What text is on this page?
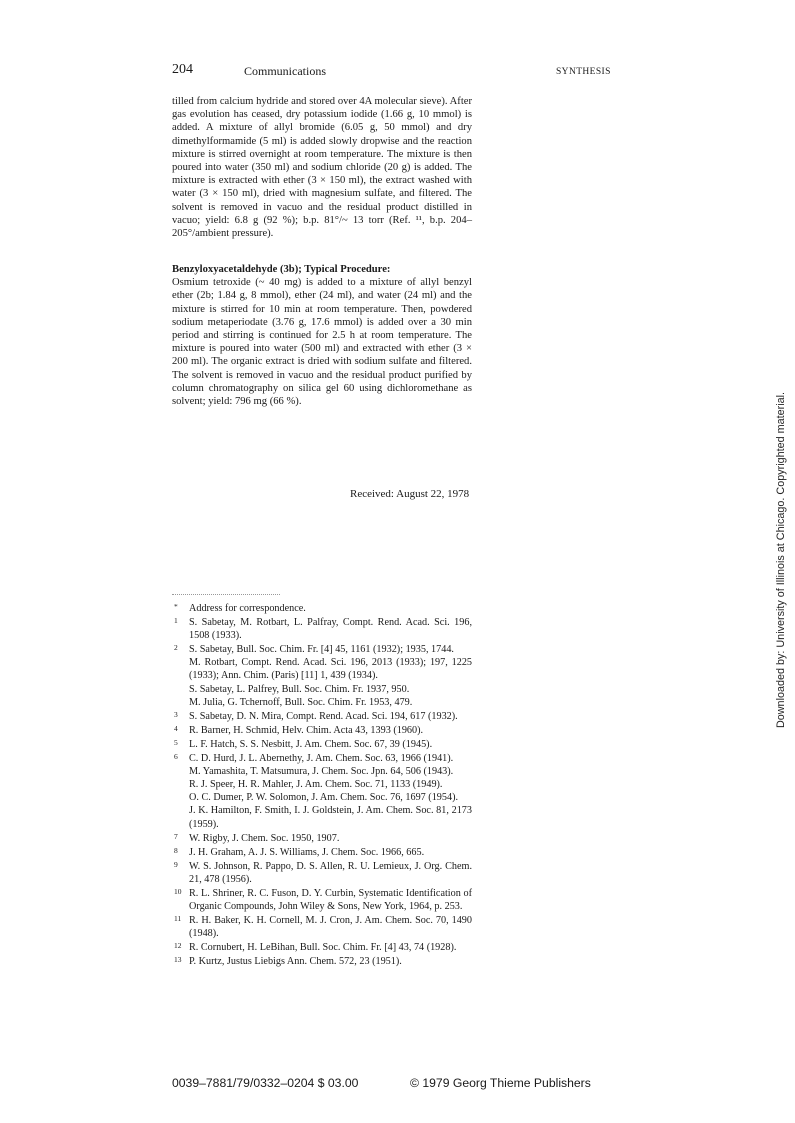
204	Communications	SYNTHESIS

tilled from calcium hydride and stored over 4A molecular sieve). After gas evolution has ceased, dry potassium iodide (1.66 g, 10 mmol) is added. A mixture of allyl bromide (6.05 g, 50 mmol) and dry dimethylformamide (5 ml) is added slowly dropwise and the reaction mixture is stirred overnight at room temperature. The mixture is then poured into water (350 ml) and sodium chloride (20 g) is added. The mixture is extracted with ether (3 × 150 ml), the extract washed with water (3 × 150 ml), dried with magnesium sulfate, and filtered. The solvent is removed in vacuo and the residual product distilled in vacuo; yield: 6.8 g (92 %); b.p. 81°/~ 13 torr (Ref. ¹¹, b.p. 204–205°/ambient pressure).

Benzyloxyacetaldehyde (3b); Typical Procedure:

Osmium tetroxide (~ 40 mg) is added to a mixture of allyl benzyl ether (2b; 1.84 g, 8 mmol), ether (24 ml), and water (24 ml) and the mixture is stirred for 10 min at room temperature. Then, powdered sodium metaperiodate (3.76 g, 17.6 mmol) is added over a 30 min period and stirring is continued for 2.5 h at room temperature. The mixture is poured into water (500 ml) and extracted with ether (3 × 200 ml). The organic extract is dried with sodium sulfate and filtered. The solvent is removed in vacuo and the residual product purified by column chromatography on silica gel 60 using dichloromethane as solvent; yield: 796 mg (66 %).

Received: August 22, 1978
* Address for correspondence.
1 S. Sabetay, M. Rotbart, L. Palfray, Compt. Rend. Acad. Sci. 196, 1508 (1933).
2 S. Sabetay, Bull. Soc. Chim. Fr. [4] 45, 1161 (1932); 1935, 1744.
M. Rotbart, Compt. Rend. Acad. Sci. 196, 2013 (1933); 197, 1225 (1933); Ann. Chim. (Paris) [11] 1, 439 (1934).
S. Sabetay, L. Palfrey, Bull. Soc. Chim. Fr. 1937, 950.
M. Julia, G. Tchernoff, Bull. Soc. Chim. Fr. 1953, 479.
3 S. Sabetay, D. N. Mira, Compt. Rend. Acad. Sci. 194, 617 (1932).
4 R. Barner, H. Schmid, Helv. Chim. Acta 43, 1393 (1960).
5 L. F. Hatch, S. S. Nesbitt, J. Am. Chem. Soc. 67, 39 (1945).
6 C. D. Hurd, J. L. Abernethy, J. Am. Chem. Soc. 63, 1966 (1941).
M. Yamashita, T. Matsumura, J. Chem. Soc. Jpn. 64, 506 (1943).
R. J. Speer, H. R. Mahler, J. Am. Chem. Soc. 71, 1133 (1949).
O. C. Dumer, P. W. Solomon, J. Am. Chem. Soc. 76, 1697 (1954).
J. K. Hamilton, F. Smith, I. J. Goldstein, J. Am. Chem. Soc. 81, 2173 (1959).
7 W. Rigby, J. Chem. Soc. 1950, 1907.
8 J. H. Graham, A. J. S. Williams, J. Chem. Soc. 1966, 665.
9 W. S. Johnson, R. Pappo, D. S. Allen, R. U. Lemieux, J. Org. Chem. 21, 478 (1956).
10 R. L. Shriner, R. C. Fuson, D. Y. Curbin, Systematic Identification of Organic Compounds, John Wiley & Sons, New York, 1964, p. 253.
11 R. H. Baker, K. H. Cornell, M. J. Cron, J. Am. Chem. Soc. 70, 1490 (1948).
12 R. Cornubert, H. LeBihan, Bull. Soc. Chim. Fr. [4] 43, 74 (1928).
13 P. Kurtz, Justus Liebigs Ann. Chem. 572, 23 (1951).
0039–7881/79/0332–0204 $ 03.00	© 1979 Georg Thieme Publishers
Downloaded by: University of Illinois at Chicago. Copyrighted material.
